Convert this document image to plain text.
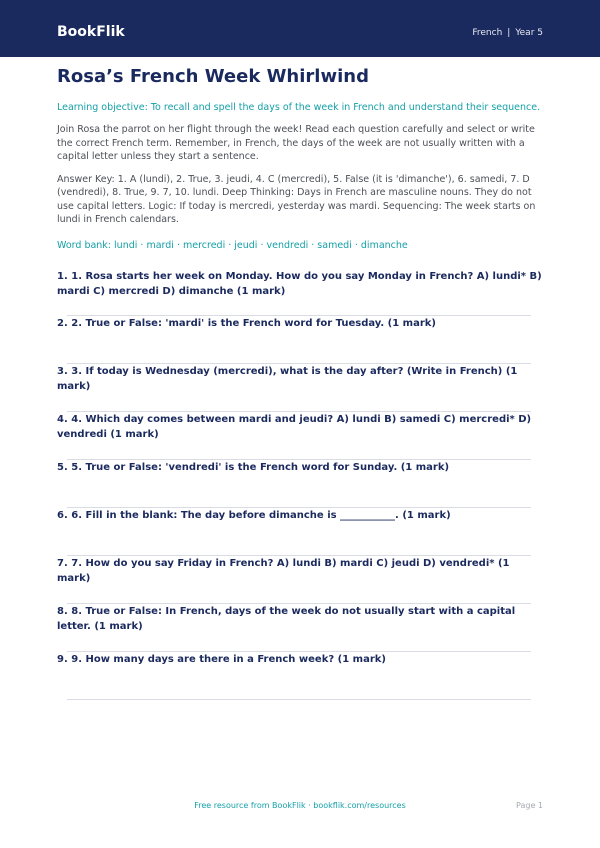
BookFlik	French | Year 5
Rosa’s French Week Whirlwind
Learning objective: To recall and spell the days of the week in French and understand their sequence.
Join Rosa the parrot on her flight through the week! Read each question carefully and select or write the correct French term. Remember, in French, the days of the week are not usually written with a capital letter unless they start a sentence.
Answer Key: 1. A (lundi), 2. True, 3. jeudi, 4. C (mercredi), 5. False (it is 'dimanche'), 6. samedi, 7. D (vendredi), 8. True, 9. 7, 10. lundi. Deep Thinking: Days in French are masculine nouns. They do not use capital letters. Logic: If today is mercredi, yesterday was mardi. Sequencing: The week starts on lundi in French calendars.
Word bank: lundi · mardi · mercredi · jeudi · vendredi · samedi · dimanche
1. 1. Rosa starts her week on Monday. How do you say Monday in French? A) lundi* B) mardi C) mercredi D) dimanche (1 mark)
2. 2. True or False: 'mardi' is the French word for Tuesday. (1 mark)
3. 3. If today is Wednesday (mercredi), what is the day after? (Write in French) (1 mark)
4. 4. Which day comes between mardi and jeudi? A) lundi B) samedi C) mercredi* D) vendredi (1 mark)
5. 5. True or False: 'vendredi' is the French word for Sunday. (1 mark)
6. 6. Fill in the blank: The day before dimanche is ___________. (1 mark)
7. 7. How do you say Friday in French? A) lundi B) mardi C) jeudi D) vendredi* (1 mark)
8. 8. True or False: In French, days of the week do not usually start with a capital letter. (1 mark)
9. 9. How many days are there in a French week? (1 mark)
Free resource from BookFlik · bookflik.com/resources	Page 1
